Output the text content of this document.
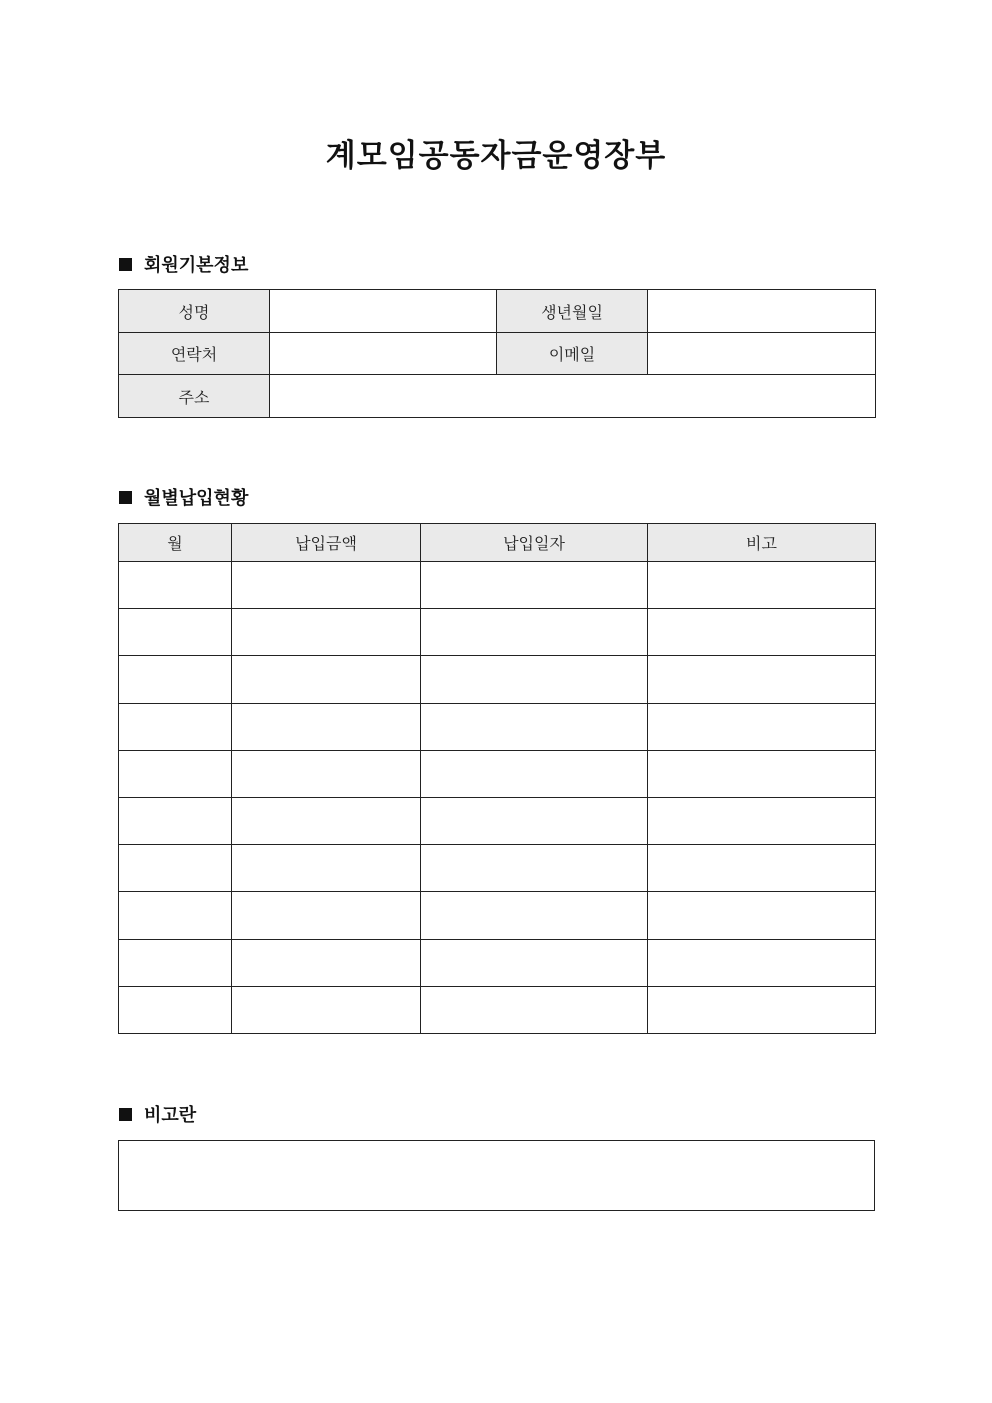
계모임공동자금운영장부
회원기본정보
성명		생년월일	
연락처		이메일	
주소			
월별납입현황
월	납입금액	납입일자	비고

비고란
